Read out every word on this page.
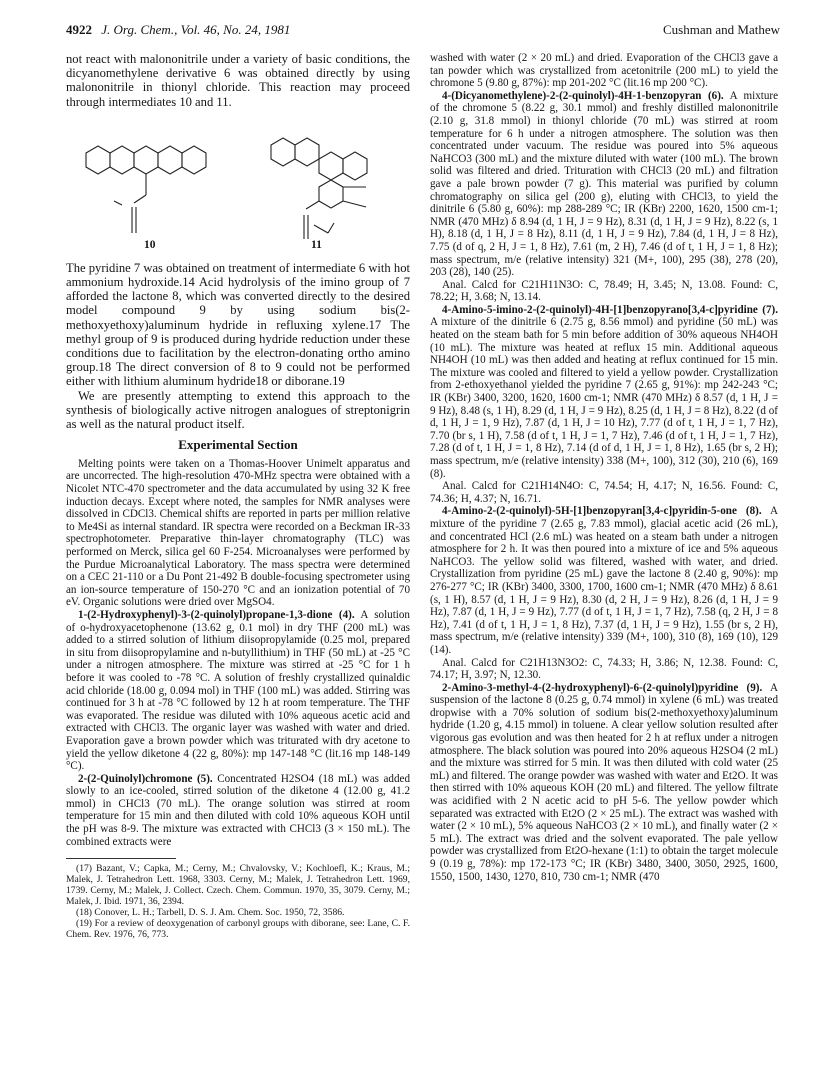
4922 J. Org. Chem., Vol. 46, No. 24, 1981	Cushman and Mathew

not react with malononitrile under a variety of basic conditions, the dicyanomethylene derivative 6 was obtained directly by using malononitrile in thionyl chloride. This reaction may proceed through intermediates 10 and 11.

10	11

The pyridine 7 was obtained on treatment of intermediate 6 with hot ammonium hydroxide.14 Acid hydrolysis of the imino group of 7 afforded the lactone 8, which was converted directly to the desired model compound 9 by using sodium bis(2-methoxyethoxy)aluminum hydride in refluxing xylene.17 The methyl group of 9 is produced during hydride reduction under these conditions due to facilitation by the electron-donating ortho amino group.18 The direct conversion of 8 to 9 could not be performed either with lithium aluminum hydride18 or diborane.19

We are presently attempting to extend this approach to the synthesis of biologically active nitrogen analogues of streptonigrin as well as the natural product itself.

Experimental Section

Melting points were taken on a Thomas-Hoover Unimelt apparatus and are uncorrected. The high-resolution 470-MHz spectra were obtained with a Nicolet NTC-470 spectrometer and the data accumulated by using 32 K free induction decays. Except where noted, the samples for NMR analyses were dissolved in CDCl3. Chemical shifts are reported in parts per million relative to Me4Si as internal standard. IR spectra were recorded on a Beckman IR-33 spectrophotometer. Preparative thin-layer chromatography (TLC) was performed on Merck, silica gel 60 F-254. Microanalyses were performed by the Purdue Microanalytical Laboratory. The mass spectra were determined on a CEC 21-110 or a Du Pont 21-492 B double-focusing spectrometer using an ion-source temperature of 150-270 °C and an ionization potential of 70 eV. Organic solutions were dried over MgSO4.

1-(2-Hydroxyphenyl)-3-(2-quinolyl)propane-1,3-dione (4). A solution of o-hydroxyacetophenone (13.62 g, 0.1 mol) in dry THF (200 mL) was added to a stirred solution of lithium diisopropylamide (0.25 mol, prepared in situ from diisopropylamine and n-butyllithium) in THF (50 mL) at -25 °C under a nitrogen atmosphere. The mixture was stirred at -25 °C for 1 h before it was cooled to -78 °C. A solution of freshly crystallized quinaldic acid chloride (18.00 g, 0.094 mol) in THF (100 mL) was added. Stirring was continued for 3 h at -78 °C followed by 12 h at room temperature. The THF was evaporated. The residue was diluted with 10% aqueous acetic acid and extracted with CHCl3. The organic layer was washed with water and dried. Evaporation gave a brown powder which was triturated with dry acetone to yield the yellow diketone 4 (22 g, 80%): mp 147-148 °C (lit.16 mp 148-149 °C).

2-(2-Quinolyl)chromone (5). Concentrated H2SO4 (18 mL) was added slowly to an ice-cooled, stirred solution of the diketone 4 (12.00 g, 41.2 mmol) in CHCl3 (70 mL). The orange solution was stirred at room temperature for 15 min and then diluted with cold 10% aqueous KOH until the pH was 8-9. The mixture was extracted with CHCl3 (3 × 150 mL). The combined extracts were

(17) Bazant, V.; Capka, M.; Cerny, M.; Chvalovsky, V.; Kochloefl, K.; Kraus, M.; Malek, J. Tetrahedron Lett. 1968, 3303. Cerny, M.; Malek, J. Tetrahedron Lett. 1969, 1739. Cerny, M.; Malek, J. Collect. Czech. Chem. Commun. 1970, 35, 3079. Cerny, M.; Malek, J. Ibid. 1971, 36, 2394.

(18) Conover, L. H.; Tarbell, D. S. J. Am. Chem. Soc. 1950, 72, 3586.

(19) For a review of deoxygenation of carbonyl groups with diborane, see: Lane, C. F. Chem. Rev. 1976, 76, 773.

washed with water (2 × 20 mL) and dried. Evaporation of the CHCl3 gave a tan powder which was crystallized from acetonitrile (200 mL) to yield the chromone 5 (9.80 g, 87%): mp 201-202 °C (lit.16 mp 200 °C).

4-(Dicyanomethylene)-2-(2-quinolyl)-4H-1-benzopyran (6). A mixture of the chromone 5 (8.22 g, 30.1 mmol) and freshly distilled malononitrile (2.10 g, 31.8 mmol) in thionyl chloride (70 mL) was stirred at room temperature for 6 h under a nitrogen atmosphere. The solution was then concentrated under vacuum. The residue was poured into 5% aqueous NaHCO3 (300 mL) and the mixture diluted with water (100 mL). The brown solid was filtered and dried. Trituration with CHCl3 (20 mL) and filtration gave a pale brown powder (7 g). This material was purified by column chromatography on silica gel (200 g), eluting with CHCl3, to yield the dinitrile 6 (5.80 g, 60%): mp 288-289 °C; IR (KBr) 2200, 1620, 1500 cm-1; NMR (470 MHz) δ 8.94 (d, 1 H, J = 9 Hz), 8.31 (d, 1 H, J = 9 Hz), 8.22 (s, 1 H), 8.18 (d, 1 H, J = 8 Hz), 8.11 (d, 1 H, J = 9 Hz), 7.84 (d, 1 H, J = 8 Hz), 7.75 (d of q, 2 H, J = 1, 8 Hz), 7.61 (m, 2 H), 7.46 (d of t, 1 H, J = 1, 8 Hz); mass spectrum, m/e (relative intensity) 321 (M+, 100), 295 (38), 278 (20), 203 (28), 140 (25).

Anal. Calcd for C21H11N3O: C, 78.49; H, 3.45; N, 13.08. Found: C, 78.22; H, 3.68; N, 13.14.

4-Amino-5-imino-2-(2-quinolyl)-4H-[1]benzopyrano[3,4-c]pyridine (7). A mixture of the dinitrile 6 (2.75 g, 8.56 mmol) and pyridine (50 mL) was heated on the steam bath for 5 min before addition of 30% aqueous NH4OH (10 mL). The mixture was heated at reflux 15 min. Additional aqueous NH4OH (10 mL) was then added and heating at reflux continued for 15 min. The mixture was cooled and filtered to yield a yellow powder. Crystallization from 2-ethoxyethanol yielded the pyridine 7 (2.65 g, 91%): mp 242-243 °C; IR (KBr) 3400, 3200, 1620, 1600 cm-1; NMR (470 MHz) δ 8.57 (d, 1 H, J = 9 Hz), 8.48 (s, 1 H), 8.29 (d, 1 H, J = 9 Hz), 8.25 (d, 1 H, J = 8 Hz), 8.22 (d of d, 1 H, J = 1, 9 Hz), 7.87 (d, 1 H, J = 10 Hz), 7.77 (d of t, 1 H, J = 1, 7 Hz), 7.70 (br s, 1 H), 7.58 (d of t, 1 H, J = 1, 7 Hz), 7.46 (d of t, 1 H, J = 1, 7 Hz), 7.28 (d of t, 1 H, J = 1, 8 Hz), 7.14 (d of d, 1 H, J = 1, 8 Hz), 1.65 (br s, 2 H); mass spectrum, m/e (relative intensity) 338 (M+, 100), 312 (30), 210 (6), 169 (8).

Anal. Calcd for C21H14N4O: C, 74.54; H, 4.17; N, 16.56. Found: C, 74.36; H, 4.37; N, 16.71.

4-Amino-2-(2-quinolyl)-5H-[1]benzopyran[3,4-c]pyridin-5-one (8). A mixture of the pyridine 7 (2.65 g, 7.83 mmol), glacial acetic acid (26 mL), and concentrated HCl (2.6 mL) was heated on a steam bath under a nitrogen atmosphere for 2 h. It was then poured into a mixture of ice and 5% aqueous NaHCO3. The yellow solid was filtered, washed with water, and dried. Crystallization from pyridine (25 mL) gave the lactone 8 (2.40 g, 90%): mp 276-277 °C; IR (KBr) 3400, 3300, 1700, 1600 cm-1; NMR (470 MHz) δ 8.61 (s, 1 H), 8.57 (d, 1 H, J = 9 Hz), 8.30 (d, 2 H, J = 9 Hz), 8.26 (d, 1 H, J = 9 Hz), 7.87 (d, 1 H, J = 9 Hz), 7.77 (d of t, 1 H, J = 1, 7 Hz), 7.58 (q, 2 H, J = 8 Hz), 7.41 (d of t, 1 H, J = 1, 8 Hz), 7.37 (d, 1 H, J = 9 Hz), 1.55 (br s, 2 H), mass spectrum, m/e (relative intensity) 339 (M+, 100), 310 (8), 169 (10), 129 (14).

Anal. Calcd for C21H13N3O2: C, 74.33; H, 3.86; N, 12.38. Found: C, 74.17; H, 3.97; N, 12.30.

2-Amino-3-methyl-4-(2-hydroxyphenyl)-6-(2-quinolyl)pyridine (9). A suspension of the lactone 8 (0.25 g, 0.74 mmol) in xylene (6 mL) was treated dropwise with a 70% solution of sodium bis(2-methoxyethoxy)aluminum hydride (1.20 g, 4.15 mmol) in toluene. A clear yellow solution resulted after vigorous gas evolution and was then heated for 2 h at reflux under a nitrogen atmosphere. The black solution was poured into 20% aqueous H2SO4 (2 mL) and the mixture was stirred for 5 min. It was then diluted with cold water (25 mL) and filtered. The orange powder was washed with water and Et2O. It was then stirred with 10% aqueous KOH (20 mL) and filtered. The yellow filtrate was acidified with 2 N acetic acid to pH 5-6. The yellow powder which separated was extracted with Et2O (2 × 25 mL). The extract was washed with water (2 × 10 mL), 5% aqueous NaHCO3 (2 × 10 mL), and finally water (2 × 5 mL). The extract was dried and the solvent evaporated. The pale yellow powder was crystallized from Et2O-hexane (1:1) to obtain the target molecule 9 (0.19 g, 78%): mp 172-173 °C; IR (KBr) 3480, 3400, 3050, 2925, 1600, 1550, 1500, 1430, 1270, 810, 730 cm-1; NMR (470
